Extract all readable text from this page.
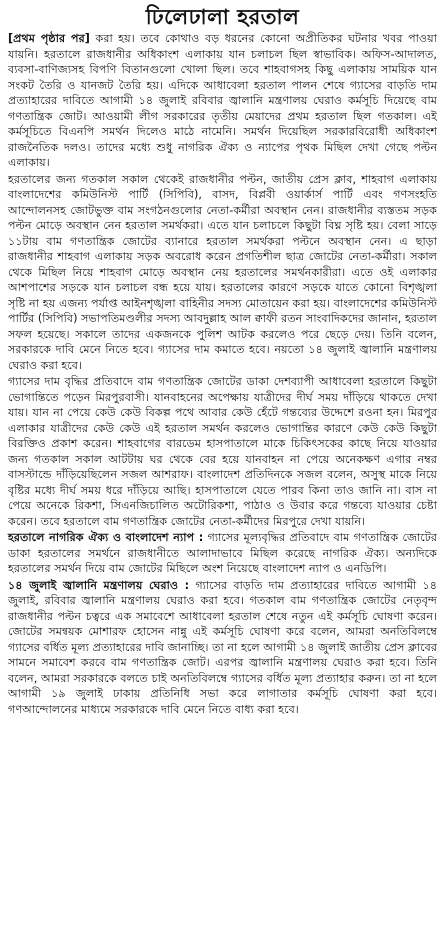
ঢিলেঢালা হরতাল

[প্রথম পৃষ্ঠার পর] করা হয়। তবে কোথাও বড় ধরনের কোনো অপ্রীতিকর ঘটনার খবর পাওয়া যায়নি। হরতালে রাজধানীর অধিকাংশ এলাকায় যান চলাচল ছিল স্বাভাবিক। অফিস-আদালত, ব্যবসা-বাণিজ্যসহ বিপণি বিতানগুলো খোলা ছিল। তবে শাহবাগসহ কিছু এলাকায় সাময়িক যান সংকট তৈরি ও যানজট তৈরি হয়। এদিকে আধাবেলা হরতাল পালন শেষে গ্যাসের বাড়তি দাম প্রত্যাহারের দাবিতে আগামী ১৪ জুলাই রবিবার জ্বালানি মন্ত্রণালয় ঘেরাও কর্মসূচি দিয়েছে বাম গণতান্ত্রিক জোট। আওয়ামী লীগ সরকারের তৃতীয় মেয়াদের প্রথম হরতাল ছিল গতকাল। এই কর্মসূচিতে বিএনপি সমর্থন দিলেও মাঠে নামেনি। সমর্থন দিয়েছিল সরকারবিরোধী অধিকাংশ রাজনৈতিক দলও। তাদের মধ্যে শুধু নাগরিক ঐক্য ও ন্যাপের পৃথক মিছিল দেখা গেছে পল্টন এলাকায়।

হরতালের জন্য গতকাল সকাল থেকেই রাজধানীর পল্টন, জাতীয় প্রেস ক্লাব, শাহবাগ এলাকায় বাংলাদেশের কমিউনিস্ট পার্টি (সিপিবি), বাসদ, বিপ্লবী ওয়ার্কার্স পার্টি এবং গণসংহতি আন্দোলনসহ জোটভুক্ত বাম সংগঠনগুলোর নেতা-কর্মীরা অবস্থান নেন। রাজধানীর ব্যস্ততম সড়ক পল্টন মোড়ে অবস্থান নেন হরতাল সমর্থকরা। এতে যান চলাচলে কিছুটা বিঘ্ন সৃষ্টি হয়। বেলা সাড়ে ১১টায় বাম গণতান্ত্রিক জোটের ব্যানারে হরতাল সমর্থকরা পল্টনে অবস্থান নেন। এ ছাড়া রাজধানীর শাহবাগ এলাকায় সড়ক অবরোধ করেন প্রগতিশীল ছাত্র জোটের নেতা-কর্মীরা। সকাল থেকে মিছিল নিয়ে শাহবাগ মোড়ে অবস্থান নেয় হরতালের সমর্থনকারীরা। এতে ওই এলাকার আশপাশের সড়কে যান চলাচল বন্ধ হয়ে যায়। হরতালের কারণে সড়কে যাতে কোনো বিশৃঙ্খলা সৃষ্টি না হয় এজন্য পর্যাপ্ত আইনশৃঙ্খলা বাহিনীর সদস্য মোতায়েন করা হয়। বাংলাদেশের কমিউনিস্ট পার্টির (সিপিবি) সভাপতিমণ্ডলীর সদস্য আবদুল্লাহ আল ক্বাফী রতন সাংবাদিকদের জানান, হরতাল সফল হয়েছে। সকালে তাদের একজনকে পুলিশ আটক করলেও পরে ছেড়ে দেয়। তিনি বলেন, সরকারকে দাবি মেনে নিতে হবে। গ্যাসের দাম কমাতে হবে। নয়তো ১৪ জুলাই জ্বালানি মন্ত্রণালয় ঘেরাও করা হবে।

গ্যাসের দাম বৃদ্ধির প্রতিবাদে বাম গণতান্ত্রিক জোটের ডাকা দেশব্যাপী আধাবেলা হরতালে কিছুটা ভোগান্তিতে পড়েন মিরপুরবাসী। যানবাহনের অপেক্ষায় যাত্রীদের দীর্ঘ সময় দাঁড়িয়ে থাকতে দেখা যায়। যান না পেয়ে কেউ কেউ বিকল্প পথে আবার কেউ হেঁটে গন্তব্যের উদ্দেশে রওনা হন। মিরপুর এলাকার যাত্রীদের কেউ কেউ এই হরতাল সমর্থন করলেও ভোগান্তির কারণে কেউ কেউ কিছুটা বিরক্তিও প্রকাশ করেন। শাহবাগের বারডেম হাসপাতালে মাকে চিকিৎসকের কাছে নিয়ে যাওয়ার জন্য গতকাল সকাল আটটায় ঘর থেকে বের হয়ে যানবাহন না পেয়ে অনেকক্ষণ এগার নম্বর বাসস্টান্ডে দাঁড়িয়েছিলেন সজল আশরাফ। বাংলাদেশ প্রতিদিনকে সজল বলেন, অসুস্থ মাকে নিয়ে বৃষ্টির মধ্যে দীর্ঘ সময় ধরে দাঁড়িয়ে আছি। হাসপাতালে যেতে পারব কিনা তাও জানি না। বাস না পেয়ে অনেকে রিকশা, সিএনজিচালিত অটোরিকশা, পাঠাও ও উবার করে গন্তব্যে যাওয়ার চেষ্টা করেন। তবে হরতালে বাম গণতান্ত্রিক জোটের নেতা-কর্মীদের মিরপুরে দেখা যায়নি।

হরতালে নাগরিক ঐক্য ও বাংলাদেশ ন্যাপ : গ্যাসের মূল্যবৃদ্ধির প্রতিবাদে বাম গণতান্ত্রিক জোটের ডাকা হরতালের সমর্থনে রাজধানীতে আলাদাভাবে মিছিল করেছে নাগরিক ঐক্য। অন্যদিকে হরতালের সমর্থন দিয়ে বাম জোটের মিছিলে অংশ নিয়েছে বাংলাদেশ ন্যাপ ও এনডিপি।

১৪ জুলাই জ্বালানি মন্ত্রণালয় ঘেরাও : গ্যাসের বাড়তি দাম প্রত্যাহারের দাবিতে আগামী ১৪ জুলাই, রবিবার জ্বালানি মন্ত্রণালয় ঘেরাও করা হবে। গতকাল বাম গণতান্ত্রিক জোটের নেতৃবৃন্দ রাজধানীর পল্টন চত্বরে এক সমাবেশে আধাবেলা হরতাল শেষে নতুন এই কর্মসূচি ঘোষণা করেন। জোটের সমন্বয়ক মোশারফ হোসেন নান্নু এই কর্মসূচি ঘোষণা করে বলেন, আমরা অনতিবিলম্বে গ্যাসের বর্ধিত মূল্য প্রত্যাহারের দাবি জানাচ্ছি। তা না হলে আগামী ১৪ জুলাই জাতীয় প্রেস ক্লাবের সামনে সমাবেশ করবে বাম গণতান্ত্রিক জোট। এরপর জ্বালানি মন্ত্রণালয় ঘেরাও করা হবে। তিনি বলেন, আমরা সরকারকে বলতে চাই অনতিবিলম্বে গ্যাসের বর্ধিত মূল্য প্রত্যাহার করুন। তা না হলে আগামী ১৯ জুলাই ঢাকায় প্রতিনিধি সভা করে লাগাতার কর্মসূচি ঘোষণা করা হবে। গণআন্দোলনের মাধ্যমে সরকারকে দাবি মেনে নিতে বাধ্য করা হবে।
